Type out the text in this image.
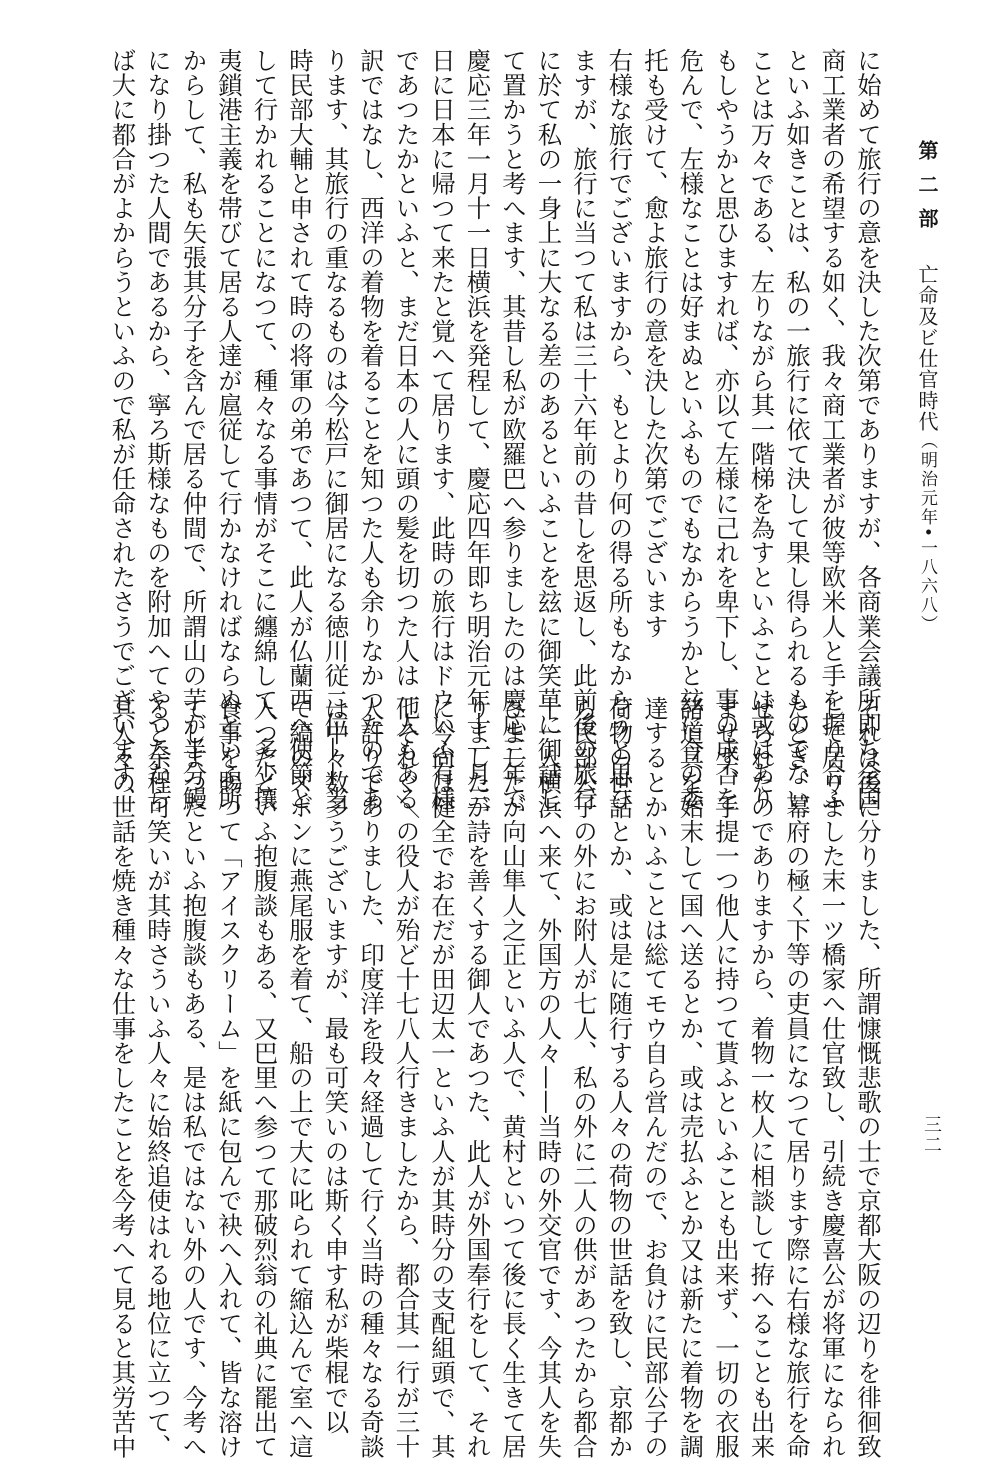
第二部亡命及ビ仕官時代（明治元年•一八六八）
三二
に始めて旅行の意を決した次第でありますが、各商業会議所即ち全国
商工業者の希望する如く、我々商工業者が彼等欧米人と手を握り合ふ
といふ如きことは、私の一旅行に依て決して果し得られるものでない
ことは万々である、左りながら其一階梯を為すといふことは或はあり
もしやうかと思ひますれば、亦以て左様に己れを卑下し、事の成否を
危んで、左様なことは好まぬといふものでもなからうかと玆に今の委
托も受けて、愈よ旅行の意を決した次第でございます
右様な旅行でございますから、もとより何の得る所もなからうと思ひ
ますが、旅行に当つて私は三十六年前の昔しを思返し、此前後の旅行
に於て私の一身上に大なる差のあるといふことを玆に御笑草に御話し
て置かうと考へます、其昔し私が欧羅巴へ参りましたのは慶応三年で
慶応三年一月十一日横浜を発程して、慶応四年即ち明治元年十一月三
日に日本に帰つて来たと覚へて居ります、此時の旅行はドウいふ有様
であつたかといふと、まだ日本の人に頭の髪を切つた人は一人もある
訳ではなし、西洋の着物を着ることを知つた人も余りなかつたのであ
ります、其旅行の重なるものは今松戸に御居になる徳川従二位——当
時民部大輔と申されて時の将軍の弟であつて、此人が仏蘭西へ使節と
して行かれることになつて、種々なる事情がそこに纏綿して、多少攘
夷鎖港主義を帯びて居る人達が扈従して行かなければならぬといふ所
からして、私も矢張其分子を含んで居る仲間で、所謂山の芋が半分鰻
になり掛つた人間であるから、寧ろ斯様なものを附加へてやつたなら
ば大に都合がよからうといふので私が任命されたさうでございます、
それは後に分りました、所謂慷慨悲歌の士で京都大阪の辺りを徘徊致
して居りました末一ツ橋家へ仕官致し、引続き慶喜公が将軍になられ
たとき、幕府の極く下等の吏員になつて居ります際に右様な旅行を命
ぜられたのでありますから、着物一枚人に相談して拵へることも出来
ませず、手提一つ他人に持つて貰ふといふことも出来ず、一切の衣服
諸道具を始末して国へ送るとか、或は売払ふとか又は新たに着物を調
達するとかいふことは総てモウ自ら営んだので、お負けに民部公子の
荷物の世話とか、或は是に随行する人々の荷物の世話を致し、京都か
ら民部公子の外にお附人が七人、私の外に二人の供があつたから都合
十一人横浜へ来て、外国方の人々——当時の外交官です、今其人を失
ひましたが向山隼人之正といふ人で、黄村といつて後に長く生きて居
りましたが詩を善くする御人であつた、此人が外国奉行をして、それ
に今尙ほ健全でお在だが田辺太一といふ人が其時分の支配組頭で、其
他それぐ＼の役人が殆ど十七八人行きましたから、都合其一行が三十
人許りでありました、印度洋を段々経過して行く当時の種々なる奇談
は中々数多うございますが、最も可笑いのは斯く申す私が柴棍で以
て縞のズボンに燕尾服を着て、船の上で大に叱られて縮込んで室へ這
入つたといふ抱腹談もある、又巴里へ参つて那破烈翁の礼典に罷出て
食事を賜つて「アイスクリーム」を紙に包んで袂へ入れて、皆な溶け
てしまつたといふ抱腹談もある、是は私ではない外の人です、今考へ
ると余程可笑いが其時さういふ人々に始終追使はれる地位に立つて、
其人々の世話を焼き種々な仕事をしたことを今考へて見ると其労苦中
